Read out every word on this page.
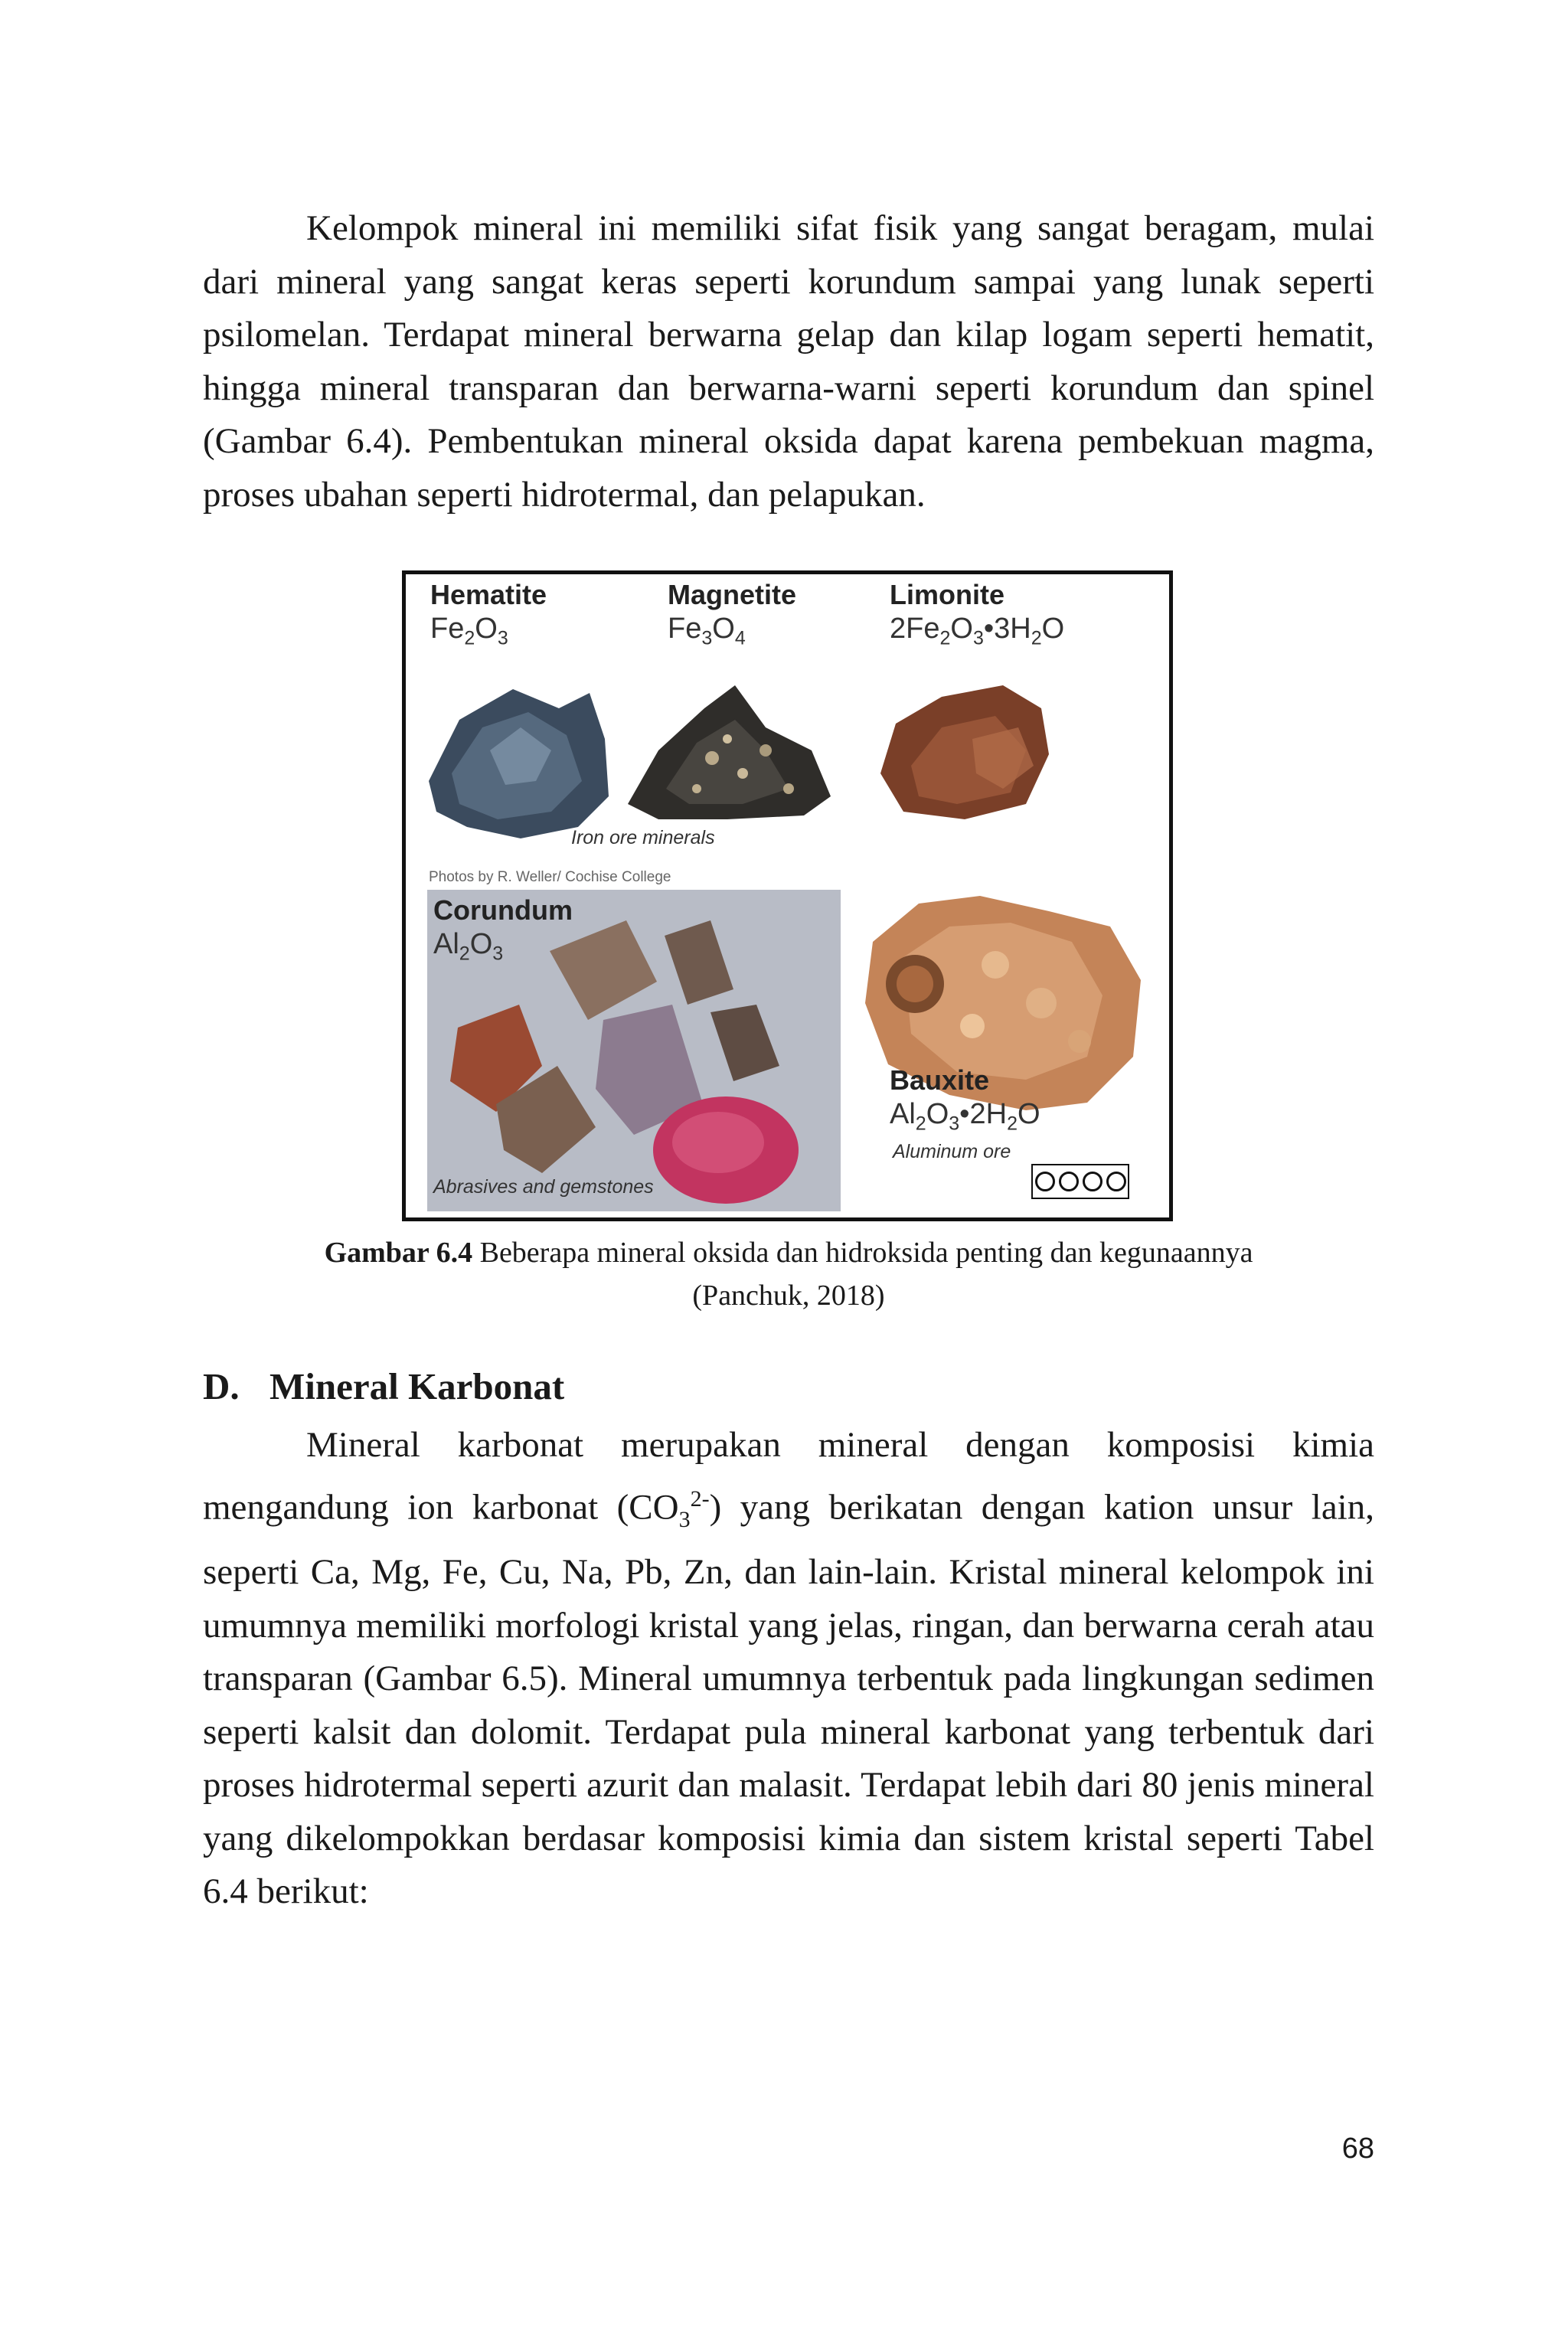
Kelompok mineral ini memiliki sifat fisik yang sangat beragam, mulai dari mineral yang sangat keras seperti korundum sampai yang lunak seperti psilomelan. Terdapat mineral berwarna gelap dan kilap logam seperti hematit, hingga mineral transparan dan berwarna-warni seperti korundum dan spinel (Gambar 6.4). Pembentukan mineral oksida dapat karena pembekuan magma, proses ubahan seperti hidrotermal, dan pelapukan.

Hematite

$Fe_2O_3$

Magnetite

$Fe_3O_4$

Limonite

$2Fe_2O_3•3H_2O$

Iron ore minerals

Photos by R. Weller/ Cochise College

Corundum

$Al_2O_3$

Abrasives and gemstones

Bauxite

$Al_2O_3•2H_2O$

Aluminum ore

Gambar 6.4 Beberapa mineral oksida dan hidroksida penting dan kegunaannya
(Panchuk, 2018)

D. Mineral Karbonat

Mineral karbonat merupakan mineral dengan komposisi kimia mengandung ion karbonat $(CO_3^{2-})$ yang berikatan dengan kation unsur lain, seperti Ca, Mg, Fe, Cu, Na, Pb, Zn, dan lain-lain. Kristal mineral kelompok ini umumnya memiliki morfologi kristal yang jelas, ringan, dan berwarna cerah atau transparan (Gambar 6.5). Mineral umumnya terbentuk pada lingkungan sedimen seperti kalsit dan dolomit. Terdapat pula mineral karbonat yang terbentuk dari proses hidrotermal seperti azurit dan malasit. Terdapat lebih dari 80 jenis mineral yang dikelompokkan berdasar komposisi kimia dan sistem kristal seperti Tabel 6.4 berikut:

68
